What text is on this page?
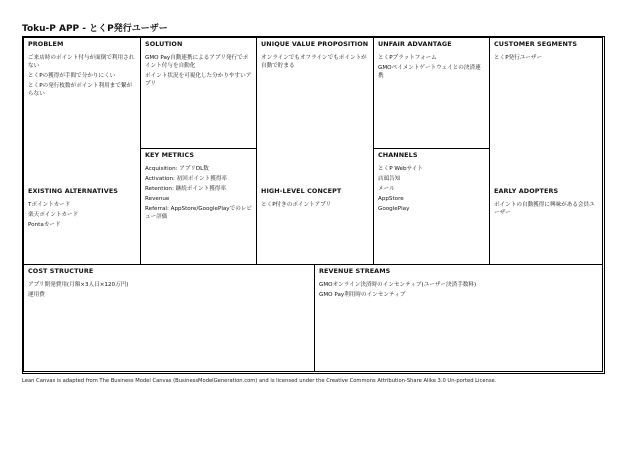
Toku-P APP - とくP発行ユーザー
PROBLEM
ご来店時のポイント付与が面倒で利用されない
とくPの獲得が手間で分かりにくい
とくPの発行枚数がポイント利用まで繋がらない
EXISTING ALTERNATIVES
Tポイントカード
楽天ポイントカード
Pontaカード
SOLUTION
GMO Pay自動連携によるアプリ発行でポイント付与を自動化
ポイント状況を可視化した分かりやすいアプリ
KEY METRICS
Acquisition: アプリDL数
Activation: 初回ポイント獲得率
Retention: 継続ポイント獲得率
Revenue
Referral: AppStore/GooglePlayでのレビュー評価
UNIQUE VALUE PROPOSITION
オンラインでもオフラインでもポイントが自動で貯まる
HIGH-LEVEL CONCEPT
とくP付きのポイントアプリ
UNFAIR ADVANTAGE
とくPプラットフォーム
GMOペイメントゲートウェイとの決済連携
CHANNELS
とくP Webサイト
店頭告知
メール
AppStore
GooglePlay
CUSTOMER SEGMENTS
とくP発行ユーザー
EARLY ADOPTERS
ポイントの自動獲得に興味がある会員ユーザー
COST STRUCTURE
アプリ開発費用(月額×3人日×120万円)
運用費
REVENUE STREAMS
GMOオンライン決済時のインセンティブ(ユーザー決済手数料)
GMO Pay利用時のインセンティブ
Lean Canvas is adapted from The Business Model Canvas (BusinessModelGeneration.com) and is licensed under the Creative Commons Attribution-Share Alike 3.0 Un-ported License.
